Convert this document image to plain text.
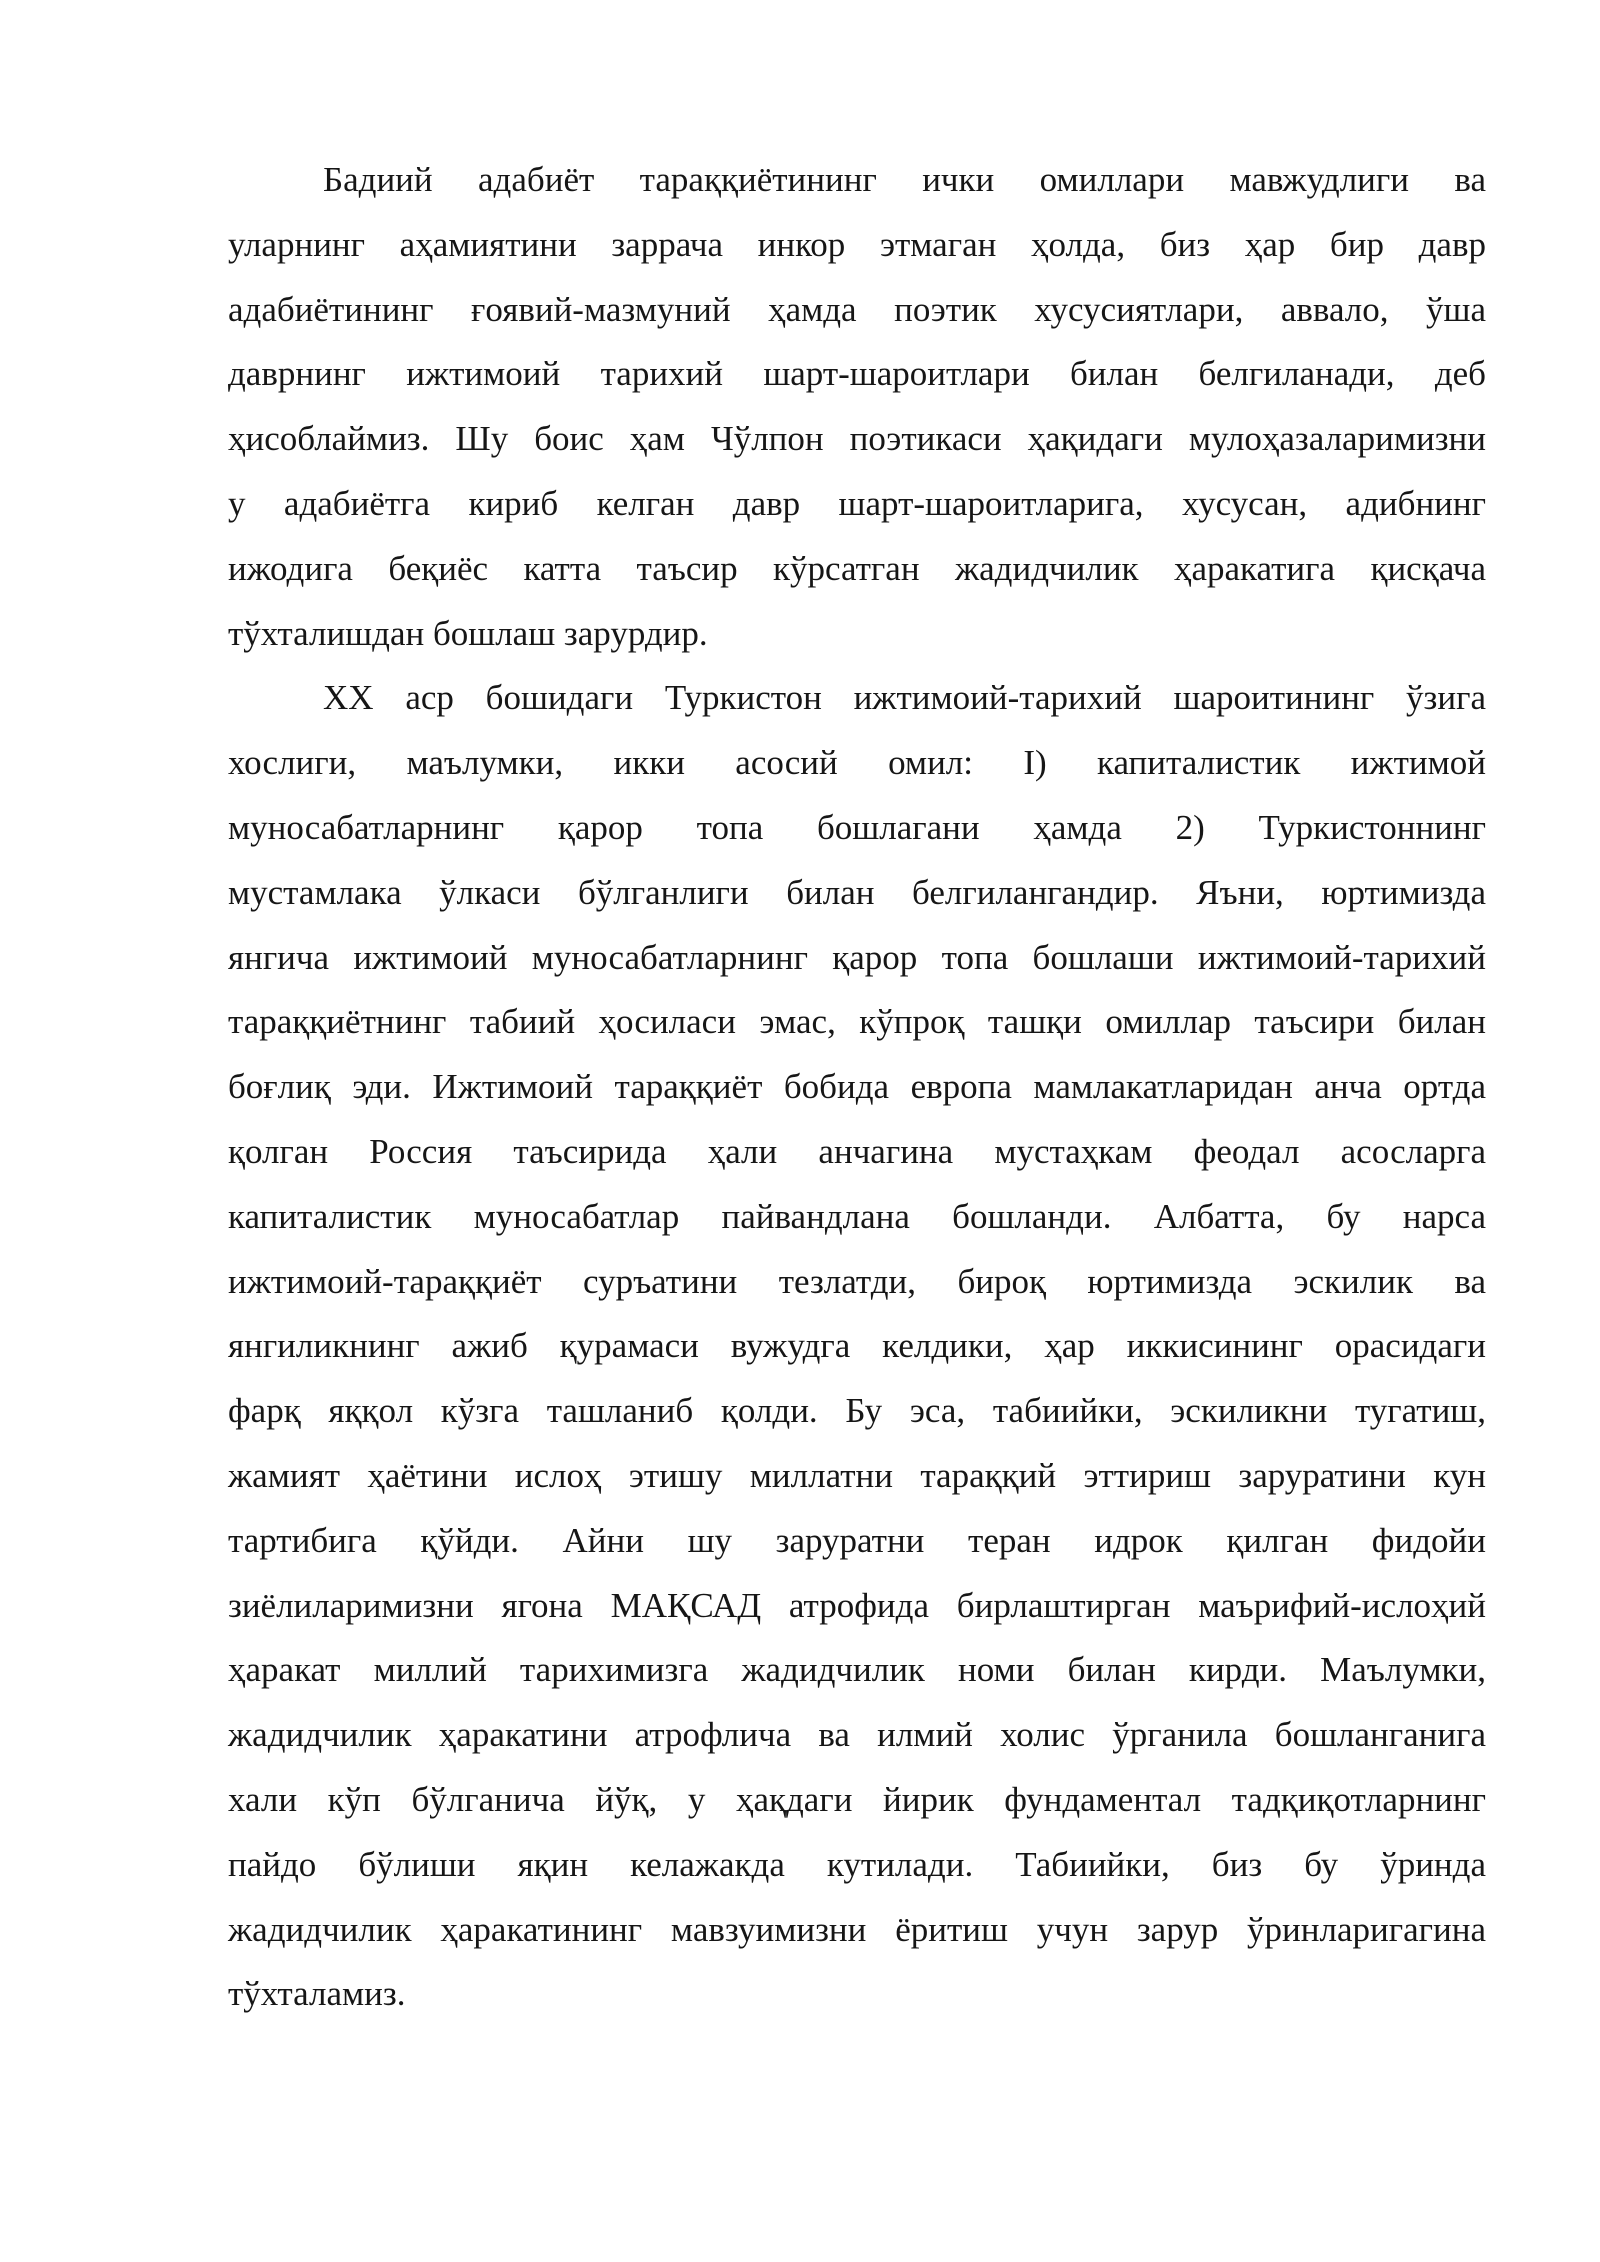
Бадиий адабиёт тараққиётининг ички омиллари мавжудлиги ва
уларнинг аҳамиятини заррача инкор этмаган ҳолда, биз ҳар бир давр
адабиётининг ғоявий-мазмуний ҳамда поэтик хусусиятлари, аввало, ўша
даврнинг ижтимоий тарихий шарт-шароитлари билан белгиланади, деб
ҳисоблаймиз. Шу боис ҳам Чўлпон поэтикаси ҳақидаги мулоҳазаларимизни
у адабиётга кириб келган давр шарт-шароитларига, хусусан, адибнинг
ижодига беқиёс катта таъсир кўрсатган жадидчилик ҳаракатига қисқача
тўхталишдан бошлаш зарурдир.
XX аср бошидаги Туркистон ижтимоий-тарихий шароитининг ўзига
хослиги, маълумки, икки асосий омил: I) капиталистик ижтимой
муносабатларнинг қарор топа бошлагани ҳамда 2) Туркистоннинг
мустамлака ўлкаси бўлганлиги билан белгилангандир. Яъни, юртимизда
янгича ижтимоий муносабатларнинг қарор топа бошлаши ижтимоий-тарихий
тараққиётнинг табиий ҳосиласи эмас, кўпроқ ташқи омиллар таъсири билан
боғлиқ эди. Ижтимоий тараққиёт бобида европа мамлакатларидан анча ортда
қолган Россия таъсирида ҳали анчагина мустаҳкам феодал асосларга
капиталистик муносабатлар пайвандлана бошланди. Албатта, бу нарса
ижтимоий-тараққиёт суръатини тезлатди, бироқ юртимизда эскилик ва
янгиликнинг ажиб қурамаси вужудга келдики, ҳар иккисининг орасидаги
фарқ яққол кўзга ташланиб қолди. Бу эса, табиийки, эскиликни тугатиш,
жамият ҳаётини ислоҳ этишу миллатни тараққий эттириш заруратини кун
тартибига қўйди. Айни шу заруратни теран идрок қилган фидойи
зиёлиларимизни ягона МАҚСАД атрофида бирлаштирган маърифий-ислоҳий
ҳаракат миллий тарихимизга жадидчилик номи билан кирди. Маълумки,
жадидчилик ҳаракатини атрофлича ва илмий холис ўрганила бошланганига
хали кўп бўлганича йўқ, у ҳақдаги йирик фундаментал тадқиқотларнинг
пайдо бўлиши яқин келажакда кутилади. Табиийки, биз бу ўринда
жадидчилик ҳаракатининг мавзуимизни ёритиш учун зарур ўринларигагина
тўхталамиз.
